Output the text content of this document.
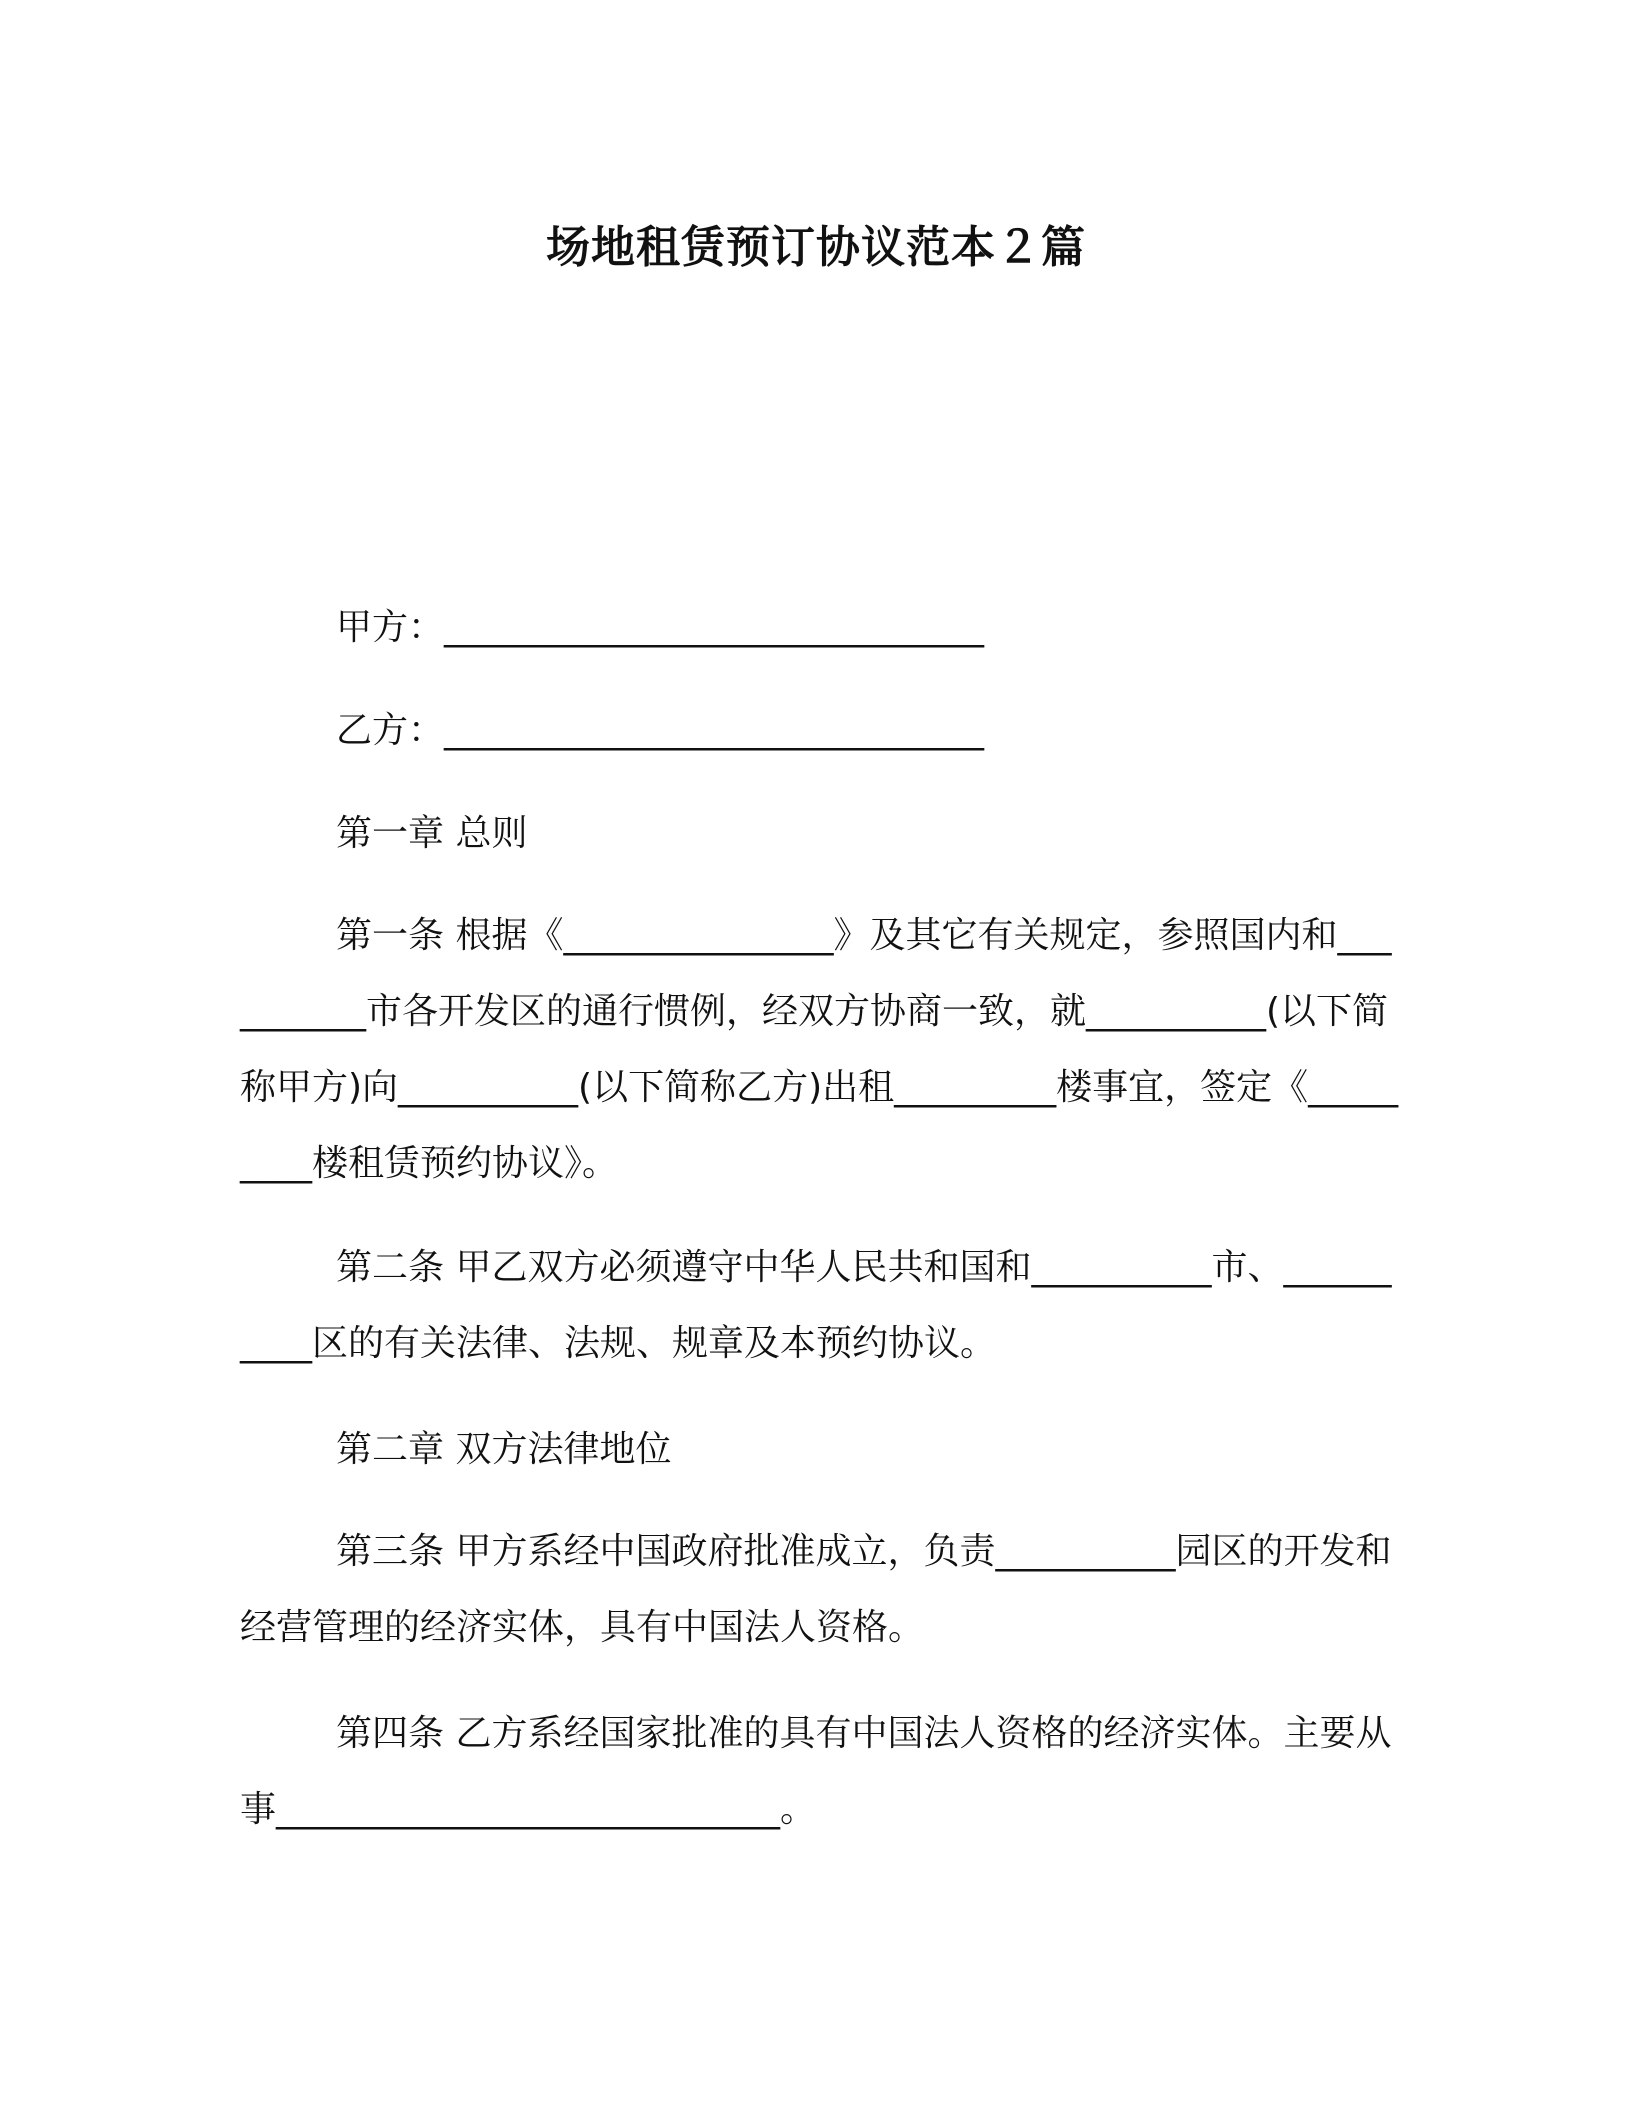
场地租赁预订协议范本２篇
甲方：______________________________
乙方：______________________________
第一章 总则
第一条 根据《_______________》及其它有关规定，参照国内和__________市各开发区的通行惯例，经双方协商一致，就__________(以下简称甲方)向__________(以下简称乙方)出租_________楼事宜，签定《_________楼租赁预约协议》。
第二条 甲乙双方必须遵守中华人民共和国和__________市、__________区的有关法律、法规、规章及本预约协议。
第二章 双方法律地位
第三条 甲方系经中国政府批准成立，负责__________园区的开发和经营管理的经济实体，具有中国法人资格。
第四条 乙方系经国家批准的具有中国法人资格的经济实体。主要从事____________________________。
